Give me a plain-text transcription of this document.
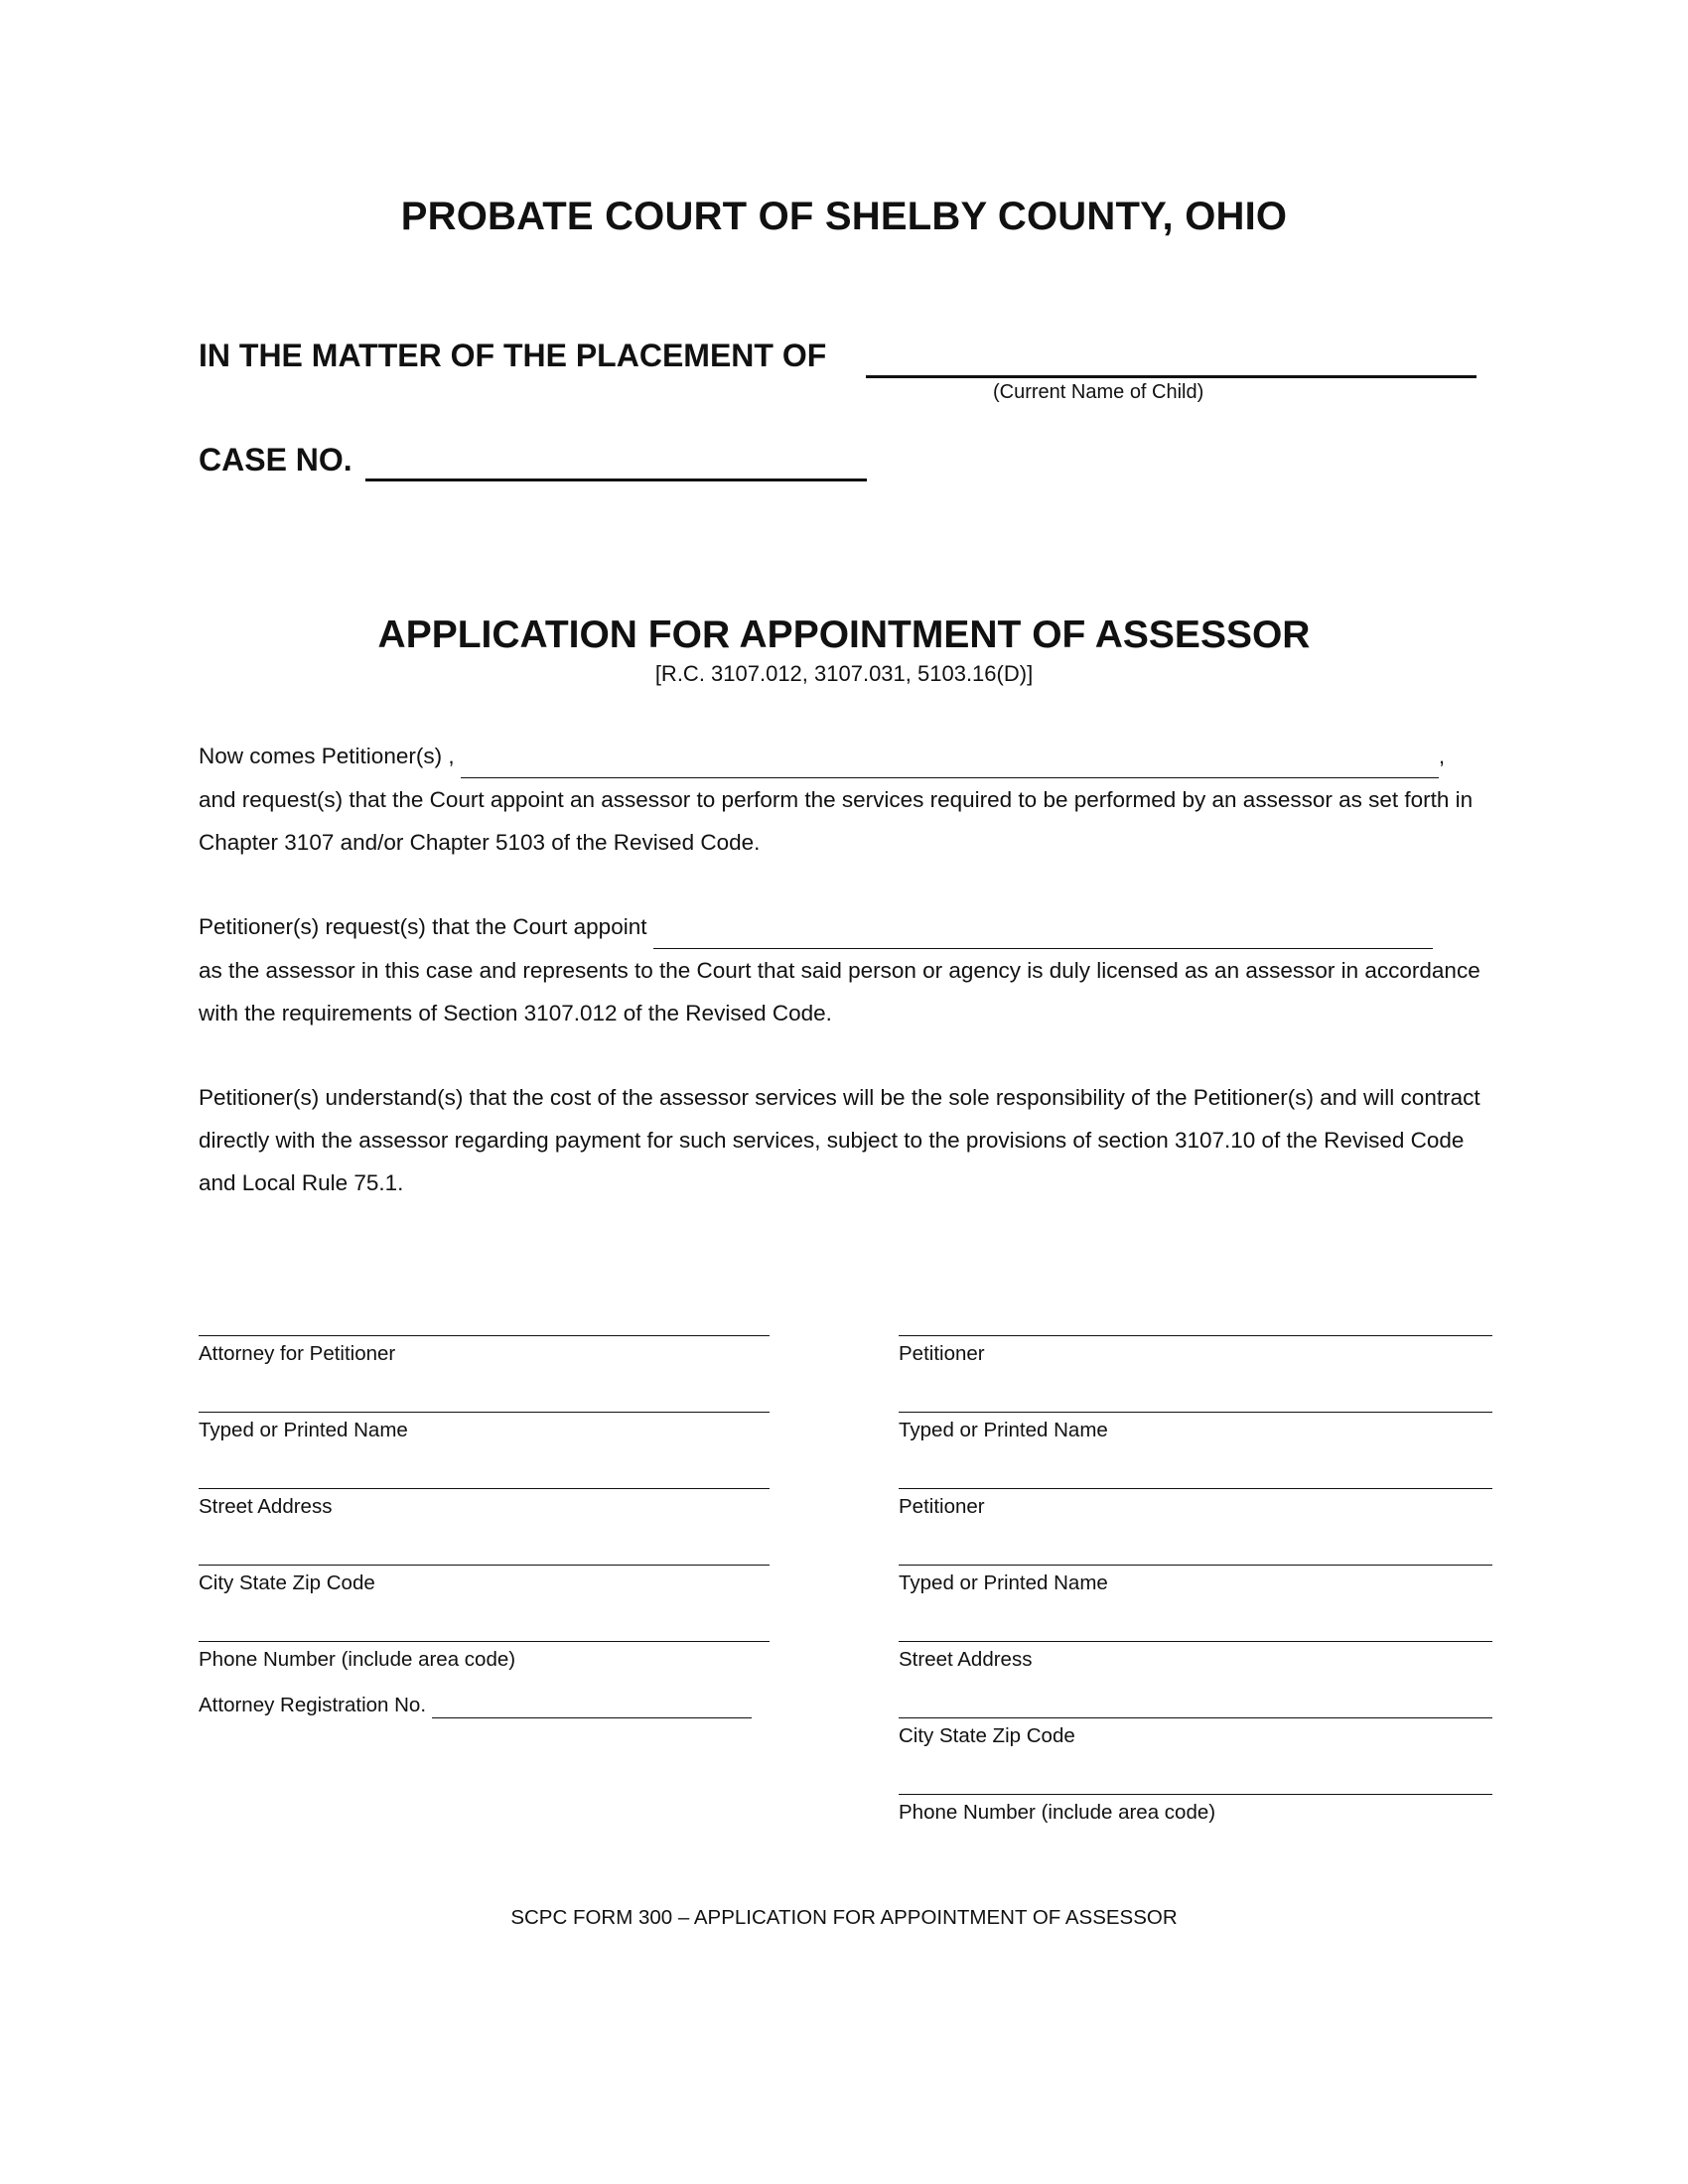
PROBATE COURT OF SHELBY COUNTY, OHIO
IN THE MATTER OF THE PLACEMENT OF
(Current Name of Child)
CASE NO.
APPLICATION FOR APPOINTMENT OF ASSESSOR
[R.C. 3107.012, 3107.031, 5103.16(D)]
Now comes Petitioner(s) ,	,
and request(s) that the Court appoint an assessor to perform the services required to be performed by an assessor as set forth in Chapter 3107 and/or Chapter 5103 of the Revised Code.
Petitioner(s) request(s) that the Court appoint
as the assessor in this case and represents to the Court that said person or agency is duly licensed as an assessor in accordance with the requirements of Section 3107.012 of the Revised Code.
Petitioner(s) understand(s) that the cost of the assessor services will be the sole responsibility of the Petitioner(s) and will contract directly with the assessor regarding payment for such services, subject to the provisions of section 3107.10 of the Revised Code and Local Rule 75.1.
Attorney for Petitioner
Typed or Printed Name
Street Address
City State Zip Code
Phone Number (include area code)
Attorney Registration No.
Petitioner
Typed or Printed Name
Petitioner
Typed or Printed Name
Street Address
City State Zip Code
Phone Number (include area code)
SCPC FORM 300 – APPLICATION FOR APPOINTMENT OF ASSESSOR
